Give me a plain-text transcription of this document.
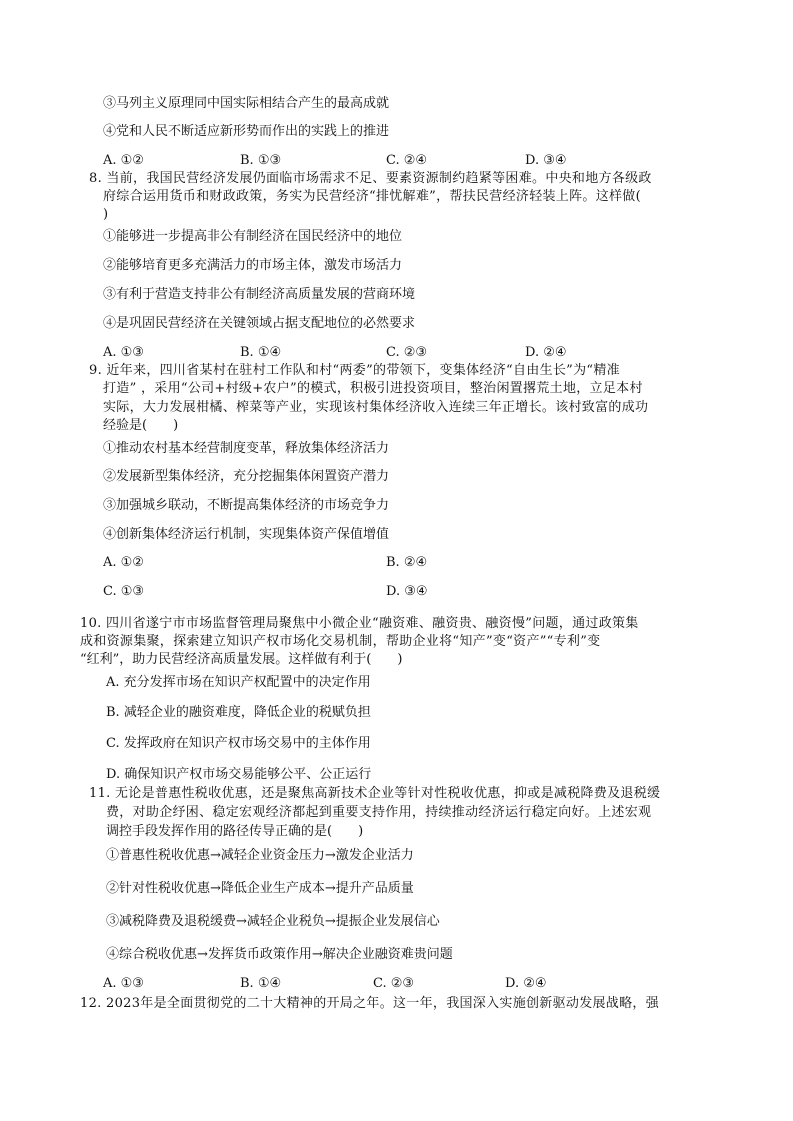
③马列主义原理同中国实际相结合产生的最高成就
④党和人民不断适应新形势而作出的实践上的推进
A. ①②	B. ①③	C. ②④	D. ③④
8. 当前，我国民营经济发展仍面临市场需求不足、要素资源制约趋紧等困难。中央和地方各级政
府综合运用货币和财政政策，务实为民营经济“排忧解难”，帮扶民营经济轻装上阵。这样做(
)
①能够进一步提高非公有制经济在国民经济中的地位
②能够培育更多充满活力的市场主体，激发市场活力
③有利于营造支持非公有制经济高质量发展的营商环境
④是巩固民营经济在关键领域占据支配地位的必然要求
A. ①③	B. ①④	C. ②③	D. ②④
9. 近年来，四川省某村在驻村工作队和村“两委”的带领下，变集体经济“自由生长”为“精准
打造” ，采用“公司+村级+农户”的模式，积极引进投资项目，整治闲置撂荒土地，立足本村
实际，大力发展柑橘、榨菜等产业，实现该村集体经济收入连续三年正增长。该村致富的成功
经验是(　　)
①推动农村基本经营制度变革，释放集体经济活力
②发展新型集体经济，充分挖掘集体闲置资产潜力
③加强城乡联动，不断提高集体经济的市场竞争力
④创新集体经济运行机制，实现集体资产保值增值
A. ①②	B. ②④
C. ①③	D. ③④
10. 四川省遂宁市市场监督管理局聚焦中小微企业“融资难、融资贵、融资慢”问题，通过政策集
成和资源集聚，探索建立知识产权市场化交易机制，帮助企业将“知产”变“资产”“专利”变
“红利”，助力民营经济高质量发展。这样做有利于(　　)
A. 充分发挥市场在知识产权配置中的决定作用
B. 减轻企业的融资难度，降低企业的税赋负担
C. 发挥政府在知识产权市场交易中的主体作用
D. 确保知识产权市场交易能够公平、公正运行
11. 无论是普惠性税收优惠，还是聚焦高新技术企业等针对性税收优惠，抑或是减税降费及退税缓
费，对助企纾困、稳定宏观经济都起到重要支持作用，持续推动经济运行稳定向好。上述宏观
调控手段发挥作用的路径传导正确的是(　　)
①普惠性税收优惠→减轻企业资金压力→激发企业活力
②针对性税收优惠→降低企业生产成本→提升产品质量
③减税降费及退税缓费→减轻企业税负→提振企业发展信心
④综合税收优惠→发挥货币政策作用→解决企业融资难贵问题
A. ①③	B. ①④	C. ②③	D. ②④
12. 2023年是全面贯彻党的二十大精神的开局之年。这一年，我国深入实施创新驱动发展战略，强
